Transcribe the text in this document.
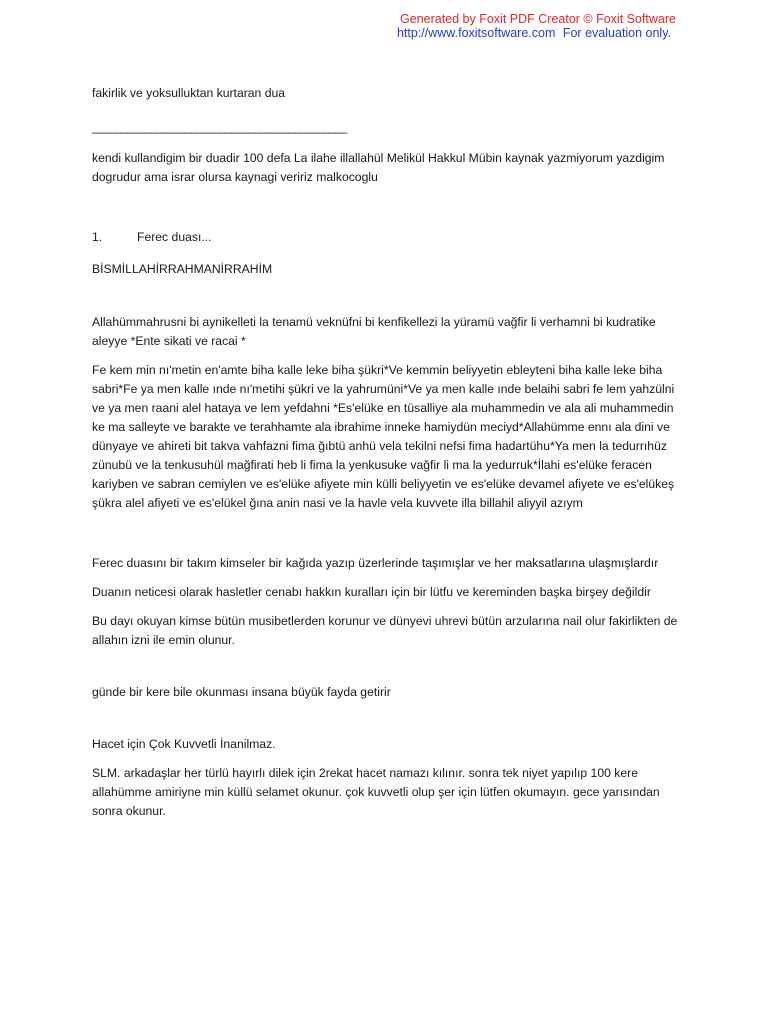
Generated by Foxit PDF Creator © Foxit Software
http://www.foxitsoftware.com For evaluation only.

fakirlik ve yoksulluktan kurtaran dua

____________________________________________

kendi kullandigim bir duadir 100 defa La ilahe illallahül Melikül Hakkul Mübin kaynak yazmiyorum yazdigim dogrudur ama israr olursa kaynagi veririz malkocoglu

1.	Ferec duası...

BİSMİLLAHİRRAHMANİRRAHİM

Allahümmahrusni bi aynikelleti la tenamü veknüfni bi kenfikellezi la yüramü vağfir li verhamni bi kudratike aleyye *Ente sikati ve racai *

Fe kem min nı'metin en'amte biha kalle leke biha şükri*Ve kemmin beliyyetin ebleyteni biha kalle leke biha sabri*Fe ya men kalle ınde nı'metihi şükri ve la yahrumüni*Ve ya men kalle ınde belaihi sabri fe lem yahzülni ve ya men raani alel hataya ve lem yefdahni *Es'elüke en tüsalliye ala muhammedin ve ala ali muhammedin ke ma salleyte ve barakte ve terahhamte ala ibrahime inneke hamiydün meciyd*Allahümme ennı ala dini ve dünyaye ve ahireti bit takva vahfazni fima ğıbtü anhü vela tekilni nefsi fima hadartühu*Ya men la tedurrıhüz zünubü ve la tenkusuhül mağfirati heb li fima la yenkusuke vağfir li ma la yedurruk*İlahi es'elüke feracen kariyben ve sabran cemiylen ve es'elüke afiyete min külli beliyyetin ve es'elüke devamel afiyete ve es'elükeş şükra alel afiyeti ve es'elükel ğına anin nasi ve la havle vela kuvvete illa billahil aliyyil azıym

Ferec duasını bir takım kimseler bir kağıda yazıp üzerlerinde taşımışlar ve her maksatlarına ulaşmışlardır

Duanın neticesi olarak hasletler cenabı hakkın kuralları için bir lütfu ve kereminden başka birşey değildir

Bu dayı okuyan kimse bütün musibetlerden korunur ve dünyevi uhrevi bütün arzularına nail olur fakirlikten de allahın izni ile emin olunur.

günde bir kere bile okunması insana büyük fayda getirir

Hacet için Çok Kuvvetli İnanilmaz.

SLM. arkadaşlar her türlü hayırlı dilek için 2rekat hacet namazı kılınır. sonra tek niyet yapılıp 100 kere allahümme amiriyne min küllü selamet okunur. çok kuvvetli olup şer için lütfen okumayın. gece yarısından sonra okunur.
